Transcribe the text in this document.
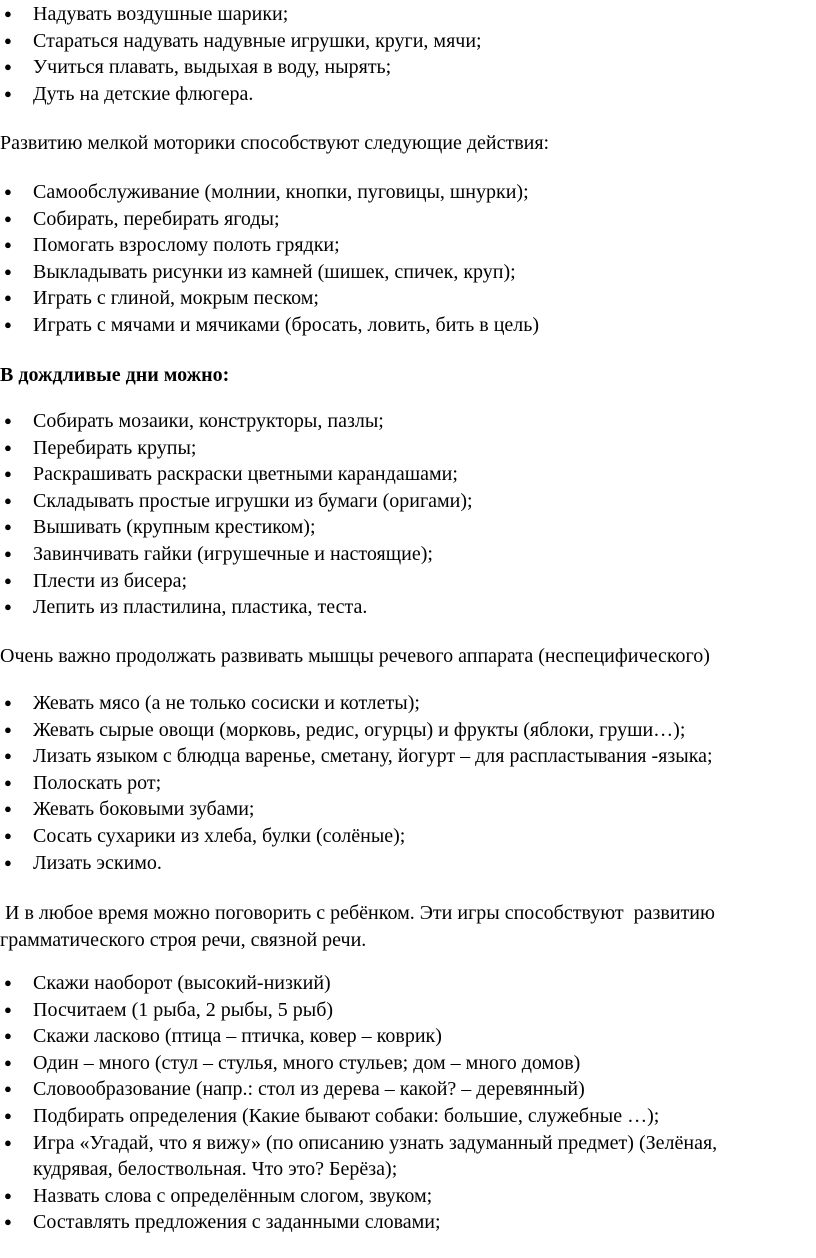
● Надувать воздушные шарики;
● Стараться надувать надувные игрушки, круги, мячи;
● Учиться плавать, выдыхая в воду, нырять;
● Дуть на детские флюгера.

Развитию мелкой моторики способствуют следующие действия:

● Самообслуживание (молнии, кнопки, пуговицы, шнурки);
● Собирать, перебирать ягоды;
● Помогать взрослому полоть грядки;
● Выкладывать рисунки из камней (шишек, спичек, круп);
● Играть с глиной, мокрым песком;
● Играть с мячами и мячиками (бросать, ловить, бить в цель)

В дождливые дни можно:

● Собирать мозаики, конструкторы, пазлы;
● Перебирать крупы;
● Раскрашивать раскраски цветными карандашами;
● Складывать простые игрушки из бумаги (оригами);
● Вышивать (крупным крестиком);
● Завинчивать гайки (игрушечные и настоящие);
● Плести из бисера;
● Лепить из пластилина, пластика, теста.

Очень важно продолжать развивать мышцы речевого аппарата (неспецифического)

● Жевать мясо (а не только сосиски и котлеты);
● Жевать сырые овощи (морковь, редис, огурцы) и фрукты (яблоки, груши…);
● Лизать языком с блюдца варенье, сметану, йогурт – для распластывания -языка;
● Полоскать рот;
● Жевать боковыми зубами;
● Сосать сухарики из хлеба, булки (солёные);
● Лизать эскимо.

И в любое время можно поговорить с ребёнком. Эти игры способствуют  развитию грамматического строя речи, связной речи.

● Скажи наоборот (высокий-низкий)
● Посчитаем (1 рыба, 2 рыбы, 5 рыб)
● Скажи ласково (птица – птичка, ковер – коврик)
● Один – много (стул – стулья, много стульев; дом – много домов)
● Словообразование (напр.: стол из дерева – какой? – деревянный)
● Подбирать определения (Какие бывают собаки: большие, служебные …);
● Игра «Угадай, что я вижу» (по описанию узнать задуманный предмет) (Зелёная, кудрявая, белоствольная. Что это? Берёза);
● Назвать слова с определённым слогом, звуком;
● Составлять предложения с заданными словами;
